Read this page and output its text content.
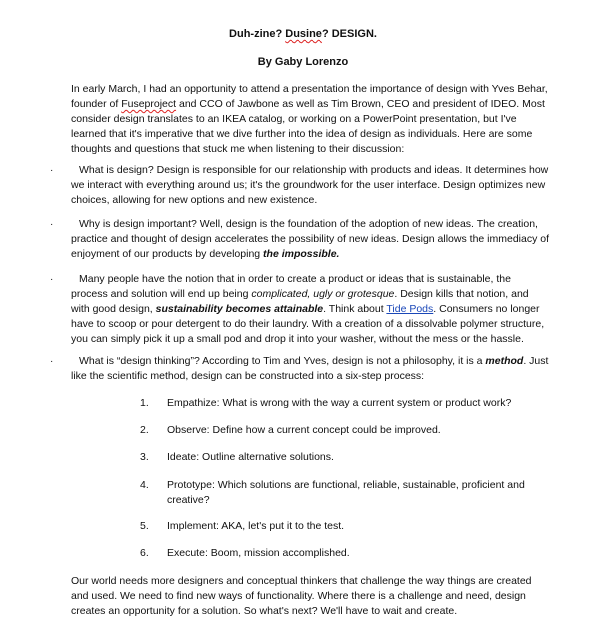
Duh-zine? Dusine? DESIGN.
By Gaby Lorenzo
In early March, I had an opportunity to attend a presentation the importance of design with Yves Behar, founder of Fuseproject and CCO of Jawbone as well as Tim Brown, CEO and president of IDEO. Most consider design translates to an IKEA catalog, or working on a PowerPoint presentation, but I've learned that it's imperative that we dive further into the idea of design as individuals. Here are some thoughts and questions that stuck me when listening to their discussion:
·	What is design? Design is responsible for our relationship with products and ideas. It determines how we interact with everything around us; it's the groundwork for the user interface. Design optimizes new choices, allowing for new options and new existence.
·	Why is design important? Well, design is the foundation of the adoption of new ideas. The creation, practice and thought of design accelerates the possibility of new ideas. Design allows the immediacy of enjoyment of our products by developing the impossible.
·	Many people have the notion that in order to create a product or ideas that is sustainable, the process and solution will end up being complicated, ugly or grotesque. Design kills that notion, and with good design, sustainability becomes attainable. Think about Tide Pods. Consumers no longer have to scoop or pour detergent to do their laundry. With a creation of a dissolvable polymer structure, you can simply pick it up a small pod and drop it into your washer, without the mess or the hassle.
·	What is “design thinking”? According to Tim and Yves, design is not a philosophy, it is a method. Just like the scientific method, design can be constructed into a six-step process:
1. Empathize: What is wrong with the way a current system or product work?
2. Observe: Define how a current concept could be improved.
3. Ideate: Outline alternative solutions.
4. Prototype: Which solutions are functional, reliable, sustainable, proficient and creative?
5. Implement: AKA, let's put it to the test.
6. Execute: Boom, mission accomplished.
Our world needs more designers and conceptual thinkers that challenge the way things are created and used. We need to find new ways of functionality. Where there is a challenge and need, design creates an opportunity for a solution. So what's next? We'll have to wait and create.
